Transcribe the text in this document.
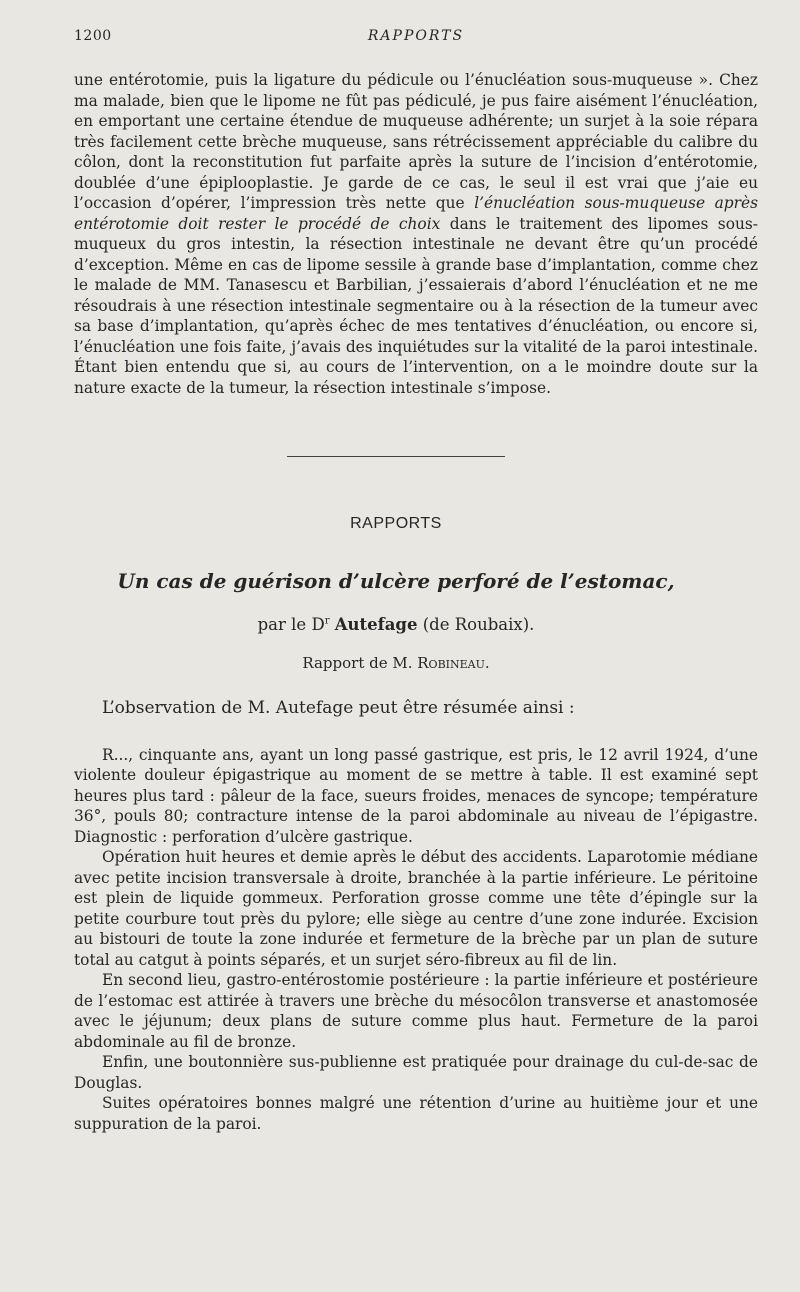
1200	RAPPORTS

une entérotomie, puis la ligature du pédicule ou l’énucléation sous-muqueuse ». Chez ma malade, bien que le lipome ne fût pas pédiculé, je pus faire aisément l’énucléation, en emportant une certaine étendue de muqueuse adhérente; un surjet à la soie répara très facilement cette brèche muqueuse, sans rétrécissement appréciable du calibre du côlon, dont la reconstitution fut parfaite après la suture de l’incision d’entérotomie, doublée d’une épiplooplastie. Je garde de ce cas, le seul il est vrai que j’aie eu l’occasion d’opérer, l’impression très nette que l’énucléation sous-muqueuse après entérotomie doit rester le procédé de choix dans le traitement des lipomes sous-muqueux du gros intestin, la résection intestinale ne devant être qu’un procédé d’exception. Même en cas de lipome sessile à grande base d’implantation, comme chez le malade de MM. Tanasescu et Barbilian, j’essaierais d’abord l’énucléation et ne me résoudrais à une résection intestinale segmentaire ou à la résection de la tumeur avec sa base d’implantation, qu’après échec de mes tentatives d’énucléation, ou encore si, l’énucléation une fois faite, j’avais des inquiétudes sur la vitalité de la paroi intestinale. Étant bien entendu que si, au cours de l’intervention, on a le moindre doute sur la nature exacte de la tumeur, la résection intestinale s’impose.

RAPPORTS
Un cas de guérison d’ulcère perforé de l’estomac,
par le $D^r$ Autefage (de Roubaix).
Rapport de M. Robineau.

L’observation de M. Autefage peut être résumée ainsi :

R..., cinquante ans, ayant un long passé gastrique, est pris, le 12 avril 1924, d’une violente douleur épigastrique au moment de se mettre à table. Il est examiné sept heures plus tard : pâleur de la face, sueurs froides, menaces de syncope; température 36°, pouls 80; contracture intense de la paroi abdominale au niveau de l’épigastre. Diagnostic : perforation d’ulcère gastrique.

Opération huit heures et demie après le début des accidents. Laparotomie médiane avec petite incision transversale à droite, branchée à la partie inférieure. Le péritoine est plein de liquide gommeux. Perforation grosse comme une tête d’épingle sur la petite courbure tout près du pylore; elle siège au centre d’une zone indurée. Excision au bistouri de toute la zone indurée et fermeture de la brèche par un plan de suture total au catgut à points séparés, et un surjet séro-fibreux au fil de lin.

En second lieu, gastro-entérostomie postérieure : la partie inférieure et postérieure de l’estomac est attirée à travers une brèche du mésocôlon transverse et anastomosée avec le jéjunum; deux plans de suture comme plus haut. Fermeture de la paroi abdominale au fil de bronze.

Enfin, une boutonnière sus-publienne est pratiquée pour drainage du cul-de-sac de Douglas.

Suites opératoires bonnes malgré une rétention d’urine au huitième jour et une suppuration de la paroi.
